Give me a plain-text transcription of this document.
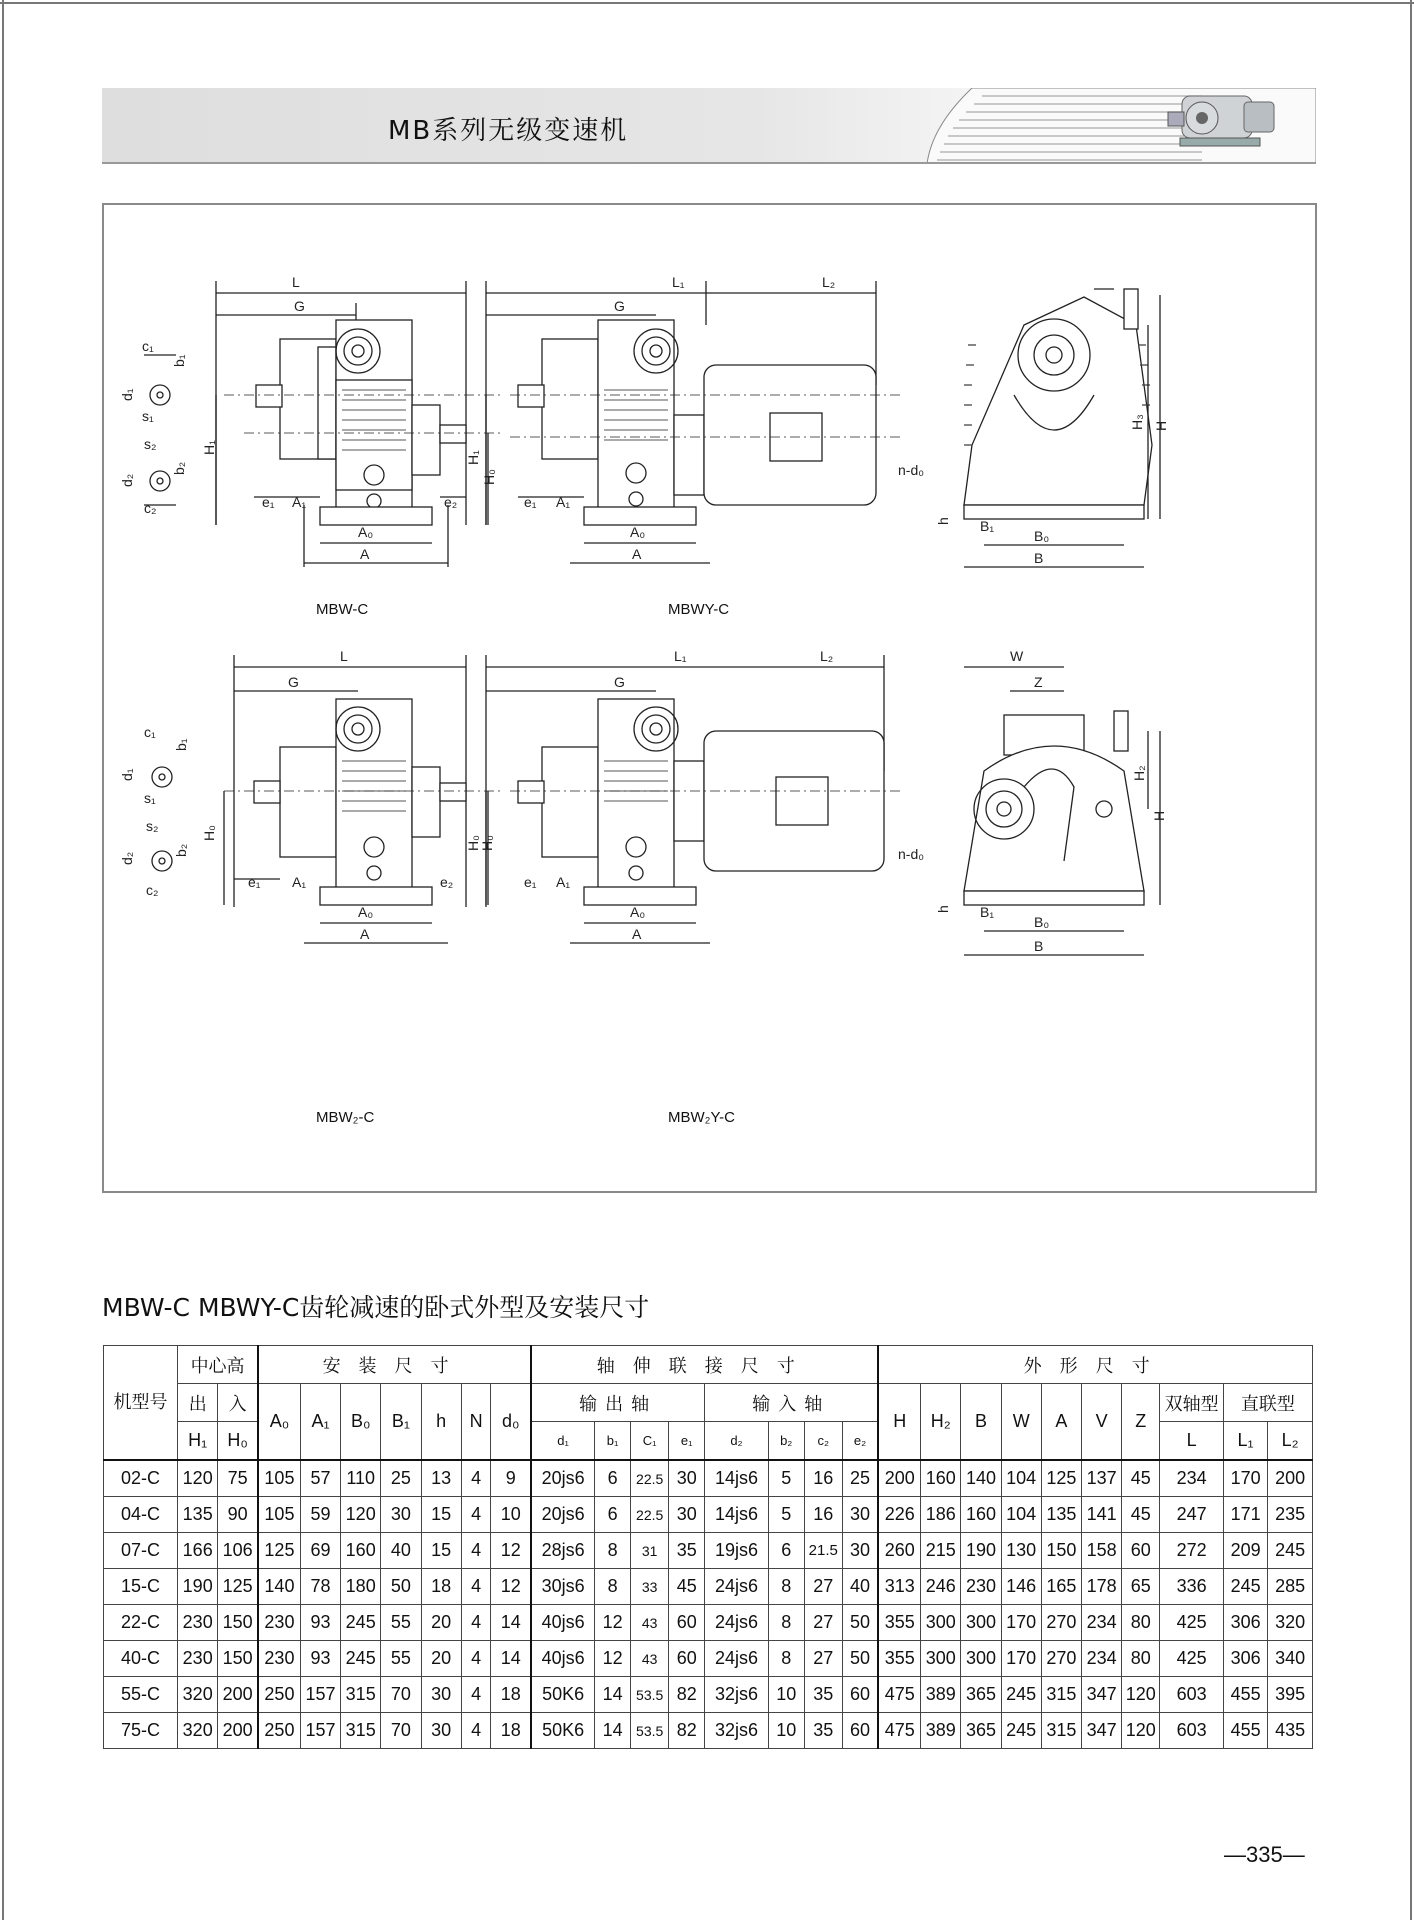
MB系列无级变速机
L
G
e₁ A₁	e₂
A₀
A
H₁
H₀
c₁
b₁
d₁
s₁
s₂
b₂
d₂
c₂
L₁	L₂
G
e₁ A₁
A₀
A
H₁
B₀
B
B₁
n-d₀
h
H₃ H
L
G
e₁ A₁	e₂
A₀
A
H₀
H₀
c₁
b₁
d₁
s₁
s₂
b₂
d₂
c₂
L₁	L₂
G
e₁ A₁
A₀
A
H₀
W
Z
B₀
B
B₁
n-d₀
h
H₂
H
MBW-C	MBWY-C
MBW₂-C	MBW₂Y-C
MBW-C MBWY-C齿轮减速的卧式外型及安装尺寸
机型号	中心高		安装尺寸							轴伸联接尺寸								外形尺寸									
	出	入	A₀	A₁	B₀	B₁	h	N	d₀	输出轴				输入轴				H	H₂	B	W	A	V	Z	双轴型	直联型	
	H₁	H₀								d₁	b₁	C₁	e₁	d₂	b₂	c₂	e₂								L	L₁	L₂
02-C	120	75	105	57	110	25	13	4	9	20js6	6	22.5	30	14js6	5	16	25	200	160	140	104	125	137	45	234	170	200
04-C	135	90	105	59	120	30	15	4	10	20js6	6	22.5	30	14js6	5	16	30	226	186	160	104	135	141	45	247	171	235
07-C	166	106	125	69	160	40	15	4	12	28js6	8	31	35	19js6	6	21.5	30	260	215	190	130	150	158	60	272	209	245
15-C	190	125	140	78	180	50	18	4	12	30js6	8	33	45	24js6	8	27	40	313	246	230	146	165	178	65	336	245	285
22-C	230	150	230	93	245	55	20	4	14	40js6	12	43	60	24js6	8	27	50	355	300	300	170	270	234	80	425	306	320
40-C	230	150	230	93	245	55	20	4	14	40js6	12	43	60	24js6	8	27	50	355	300	300	170	270	234	80	425	306	340
55-C	320	200	250	157	315	70	30	4	18	50K6	14	53.5	82	32js6	10	35	60	475	389	365	245	315	347	120	603	455	395
75-C	320	200	250	157	315	70	30	4	18	50K6	14	53.5	82	32js6	10	35	60	475	389	365	245	315	347	120	603	455	435
—335—
